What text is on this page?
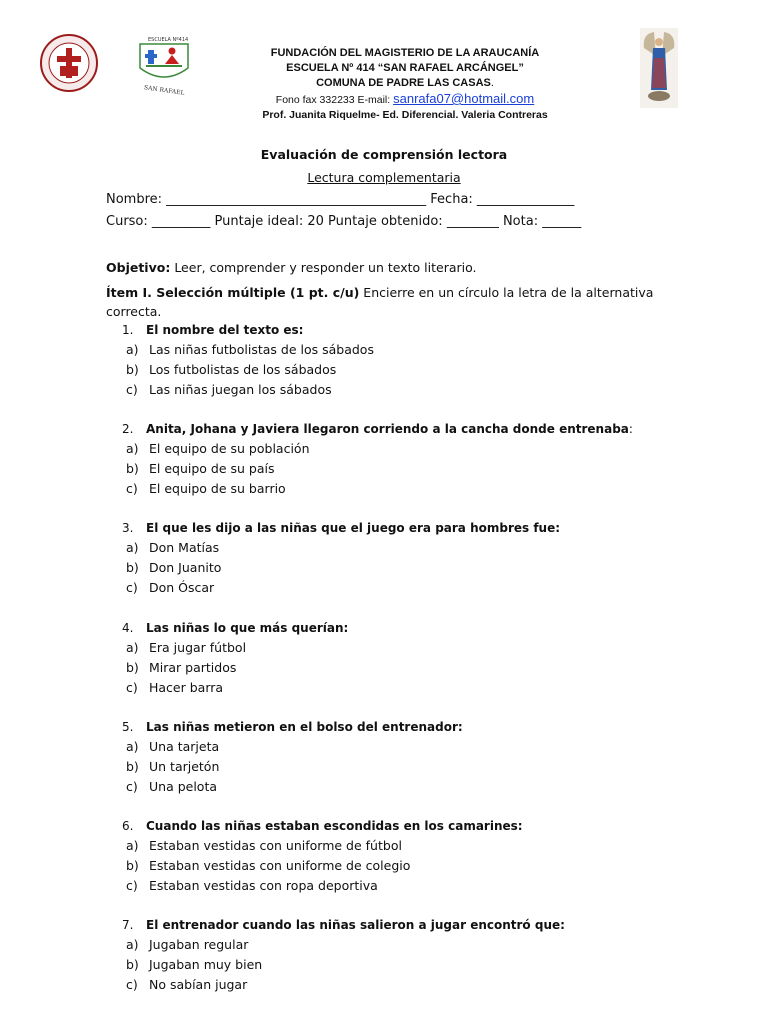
ESCUELA Nº414
SAN RAFAEL
FUNDACIÓN DEL MAGISTERIO DE LA ARAUCANÍA
ESCUELA Nº 414 “SAN RAFAEL ARCÁNGEL”
COMUNA DE PADRE LAS CASAS.
Fono fax 332233 E-mail: sanrafa07@hotmail.com
Prof. Juanita Riquelme- Ed. Diferencial. Valeria Contreras
Evaluación de comprensión lectora
Lectura complementaria
Nombre: ________________________________________ Fecha: _______________
Curso: _________ Puntaje ideal: 20 Puntaje obtenido: ________ Nota: ______
Objetivo: Leer, comprender y responder un texto literario.
Ítem I. Selección múltiple (1 pt. c/u) Encierre en un círculo la letra de la alternativa correcta.
1. El nombre del texto es:
a) Las niñas futbolistas de los sábados
b) Los futbolistas de los sábados
c) Las niñas juegan los sábados
2. Anita, Johana y Javiera llegaron corriendo a la cancha donde entrenaba:
a) El equipo de su población
b) El equipo de su país
c) El equipo de su barrio
3. El que les dijo a las niñas que el juego era para hombres fue:
a) Don Matías
b) Don Juanito
c) Don Óscar
4. Las niñas lo que más querían:
a) Era jugar fútbol
b) Mirar partidos
c) Hacer barra
5. Las niñas metieron en el bolso del entrenador:
a) Una tarjeta
b) Un tarjetón
c) Una pelota
6. Cuando las niñas estaban escondidas en los camarines:
a) Estaban vestidas con uniforme de fútbol
b) Estaban vestidas con uniforme de colegio
c) Estaban vestidas con ropa deportiva
7. El entrenador cuando las niñas salieron a jugar encontró que:
a) Jugaban regular
b) Jugaban muy bien
c) No sabían jugar
